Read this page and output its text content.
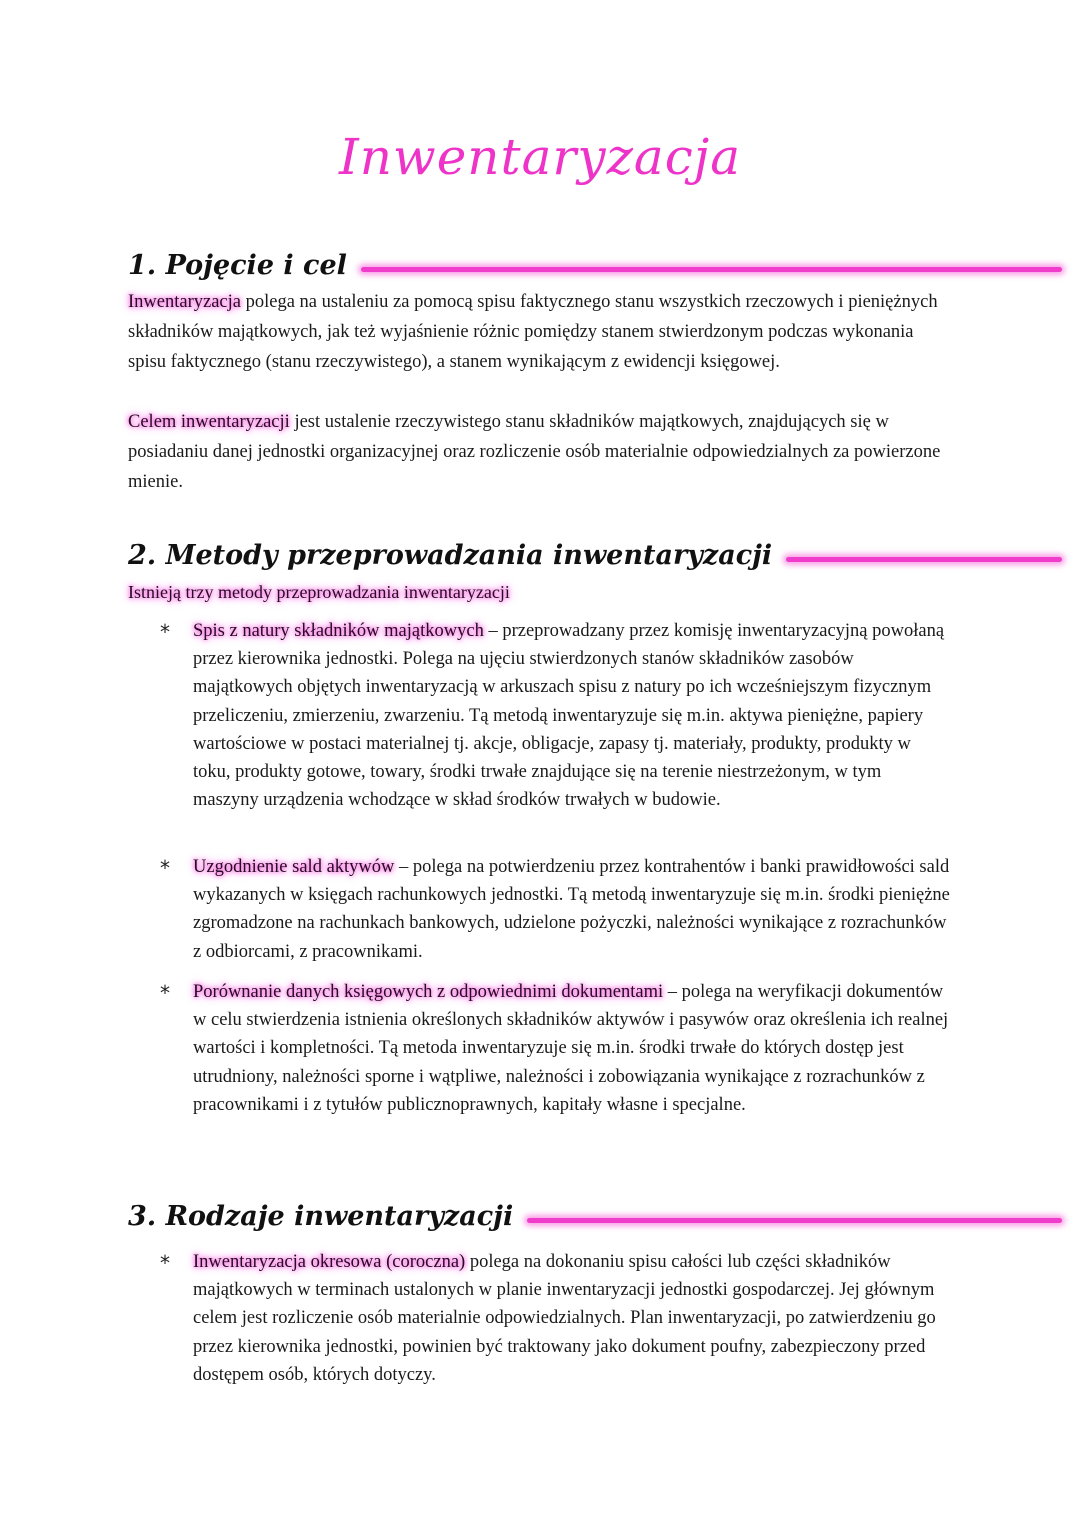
Inwentaryzacja
1. Pojęcie i cel

Inwentaryzacja polega na ustaleniu za pomocą spisu faktycznego stanu wszystkich rzeczowych i pieniężnych składników majątkowych, jak też wyjaśnienie różnic pomiędzy stanem stwierdzonym podczas wykonania spisu faktycznego (stanu rzeczywistego), a stanem wynikającym z ewidencji księgowej.

Celem inwentaryzacji jest ustalenie rzeczywistego stanu składników majątkowych, znajdujących się w posiadaniu danej jednostki organizacyjnej oraz rozliczenie osób materialnie odpowiedzialnych za powierzone mienie.

2. Metody przeprowadzania inwentaryzacji
Istnieją trzy metody przeprowadzania inwentaryzacji
*	Spis z natury składników majątkowych – przeprowadzany przez komisję inwentaryzacyjną powołaną przez kierownika jednostki. Polega na ujęciu stwierdzonych stanów składników zasobów majątkowych objętych inwentaryzacją w arkuszach spisu z natury po ich wcześniejszym fizycznym przeliczeniu, zmierzeniu, zwarzeniu. Tą metodą inwentaryzuje się m.in. aktywa pieniężne, papiery wartościowe w postaci materialnej tj. akcje, obligacje, zapasy tj. materiały, produkty, produkty w toku, produkty gotowe, towary, środki trwałe znajdujące się na terenie niestrzeżonym, w tym maszyny urządzenia wchodzące w skład środków trwałych w budowie.
*	Uzgodnienie sald aktywów – polega na potwierdzeniu przez kontrahentów i banki prawidłowości sald wykazanych w księgach rachunkowych jednostki. Tą metodą inwentaryzuje się m.in. środki pieniężne zgromadzone na rachunkach bankowych, udzielone pożyczki, należności wynikające z rozrachunków z odbiorcami, z pracownikami.
*	Porównanie danych księgowych z odpowiednimi dokumentami – polega na weryfikacji dokumentów w celu stwierdzenia istnienia określonych składników aktywów i pasywów oraz określenia ich realnej wartości i kompletności. Tą metoda inwentaryzuje się m.in. środki trwałe do których dostęp jest utrudniony, należności sporne i wątpliwe, należności i zobowiązania wynikające z rozrachunków z pracownikami i z tytułów publicznoprawnych, kapitały własne i specjalne.
3. Rodzaje inwentaryzacji
*	Inwentaryzacja okresowa (coroczna) polega na dokonaniu spisu całości lub części składników majątkowych w terminach ustalonych w planie inwentaryzacji jednostki gospodarczej. Jej głównym celem jest rozliczenie osób materialnie odpowiedzialnych. Plan inwentaryzacji, po zatwierdzeniu go przez kierownika jednostki, powinien być traktowany jako dokument poufny, zabezpieczony przed dostępem osób, których dotyczy.
